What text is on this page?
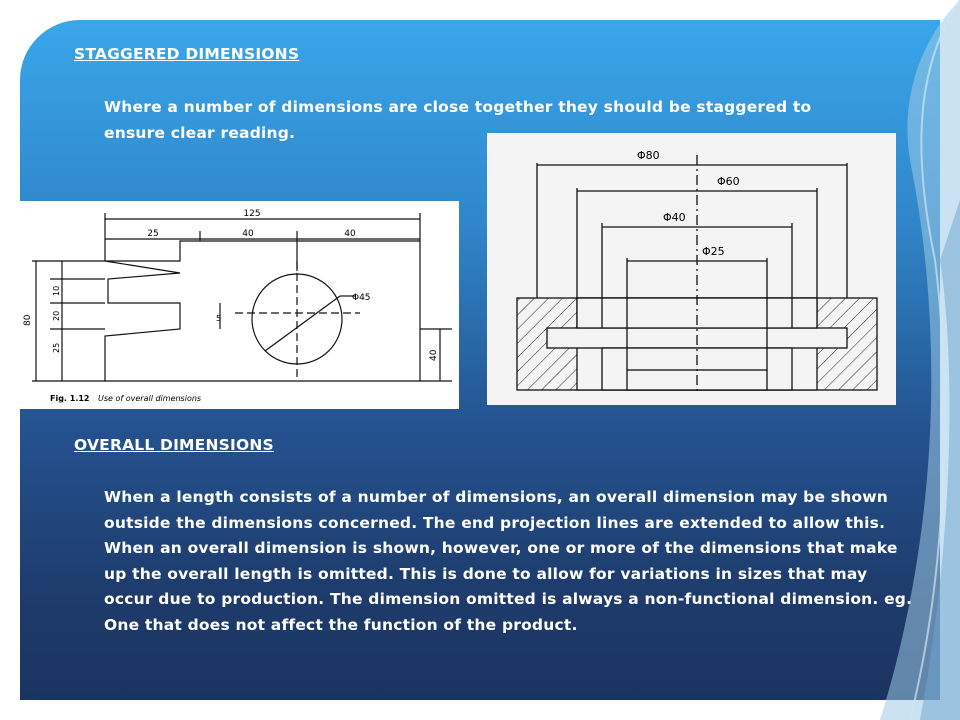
STAGGERED DIMENSIONS

Where a number of dimensions are close together they should be staggered to ensure clear reading.

125
25	40	40
80
10
20
25
5
Φ45
40
Fig. 1.12 Use of overall dimensions
Φ80
Φ60
Φ40
Φ25
OVERALL DIMENSIONS

When a length consists of a number of dimensions, an overall dimension may be shown outside the dimensions concerned. The end projection lines are extended to allow this. When an overall dimension is shown, however, one or more of the dimensions that make up the overall length is omitted. This is done to allow for variations in sizes that may occur due to production. The dimension omitted is always a non-functional dimension. eg. One that does not affect the function of the product.
